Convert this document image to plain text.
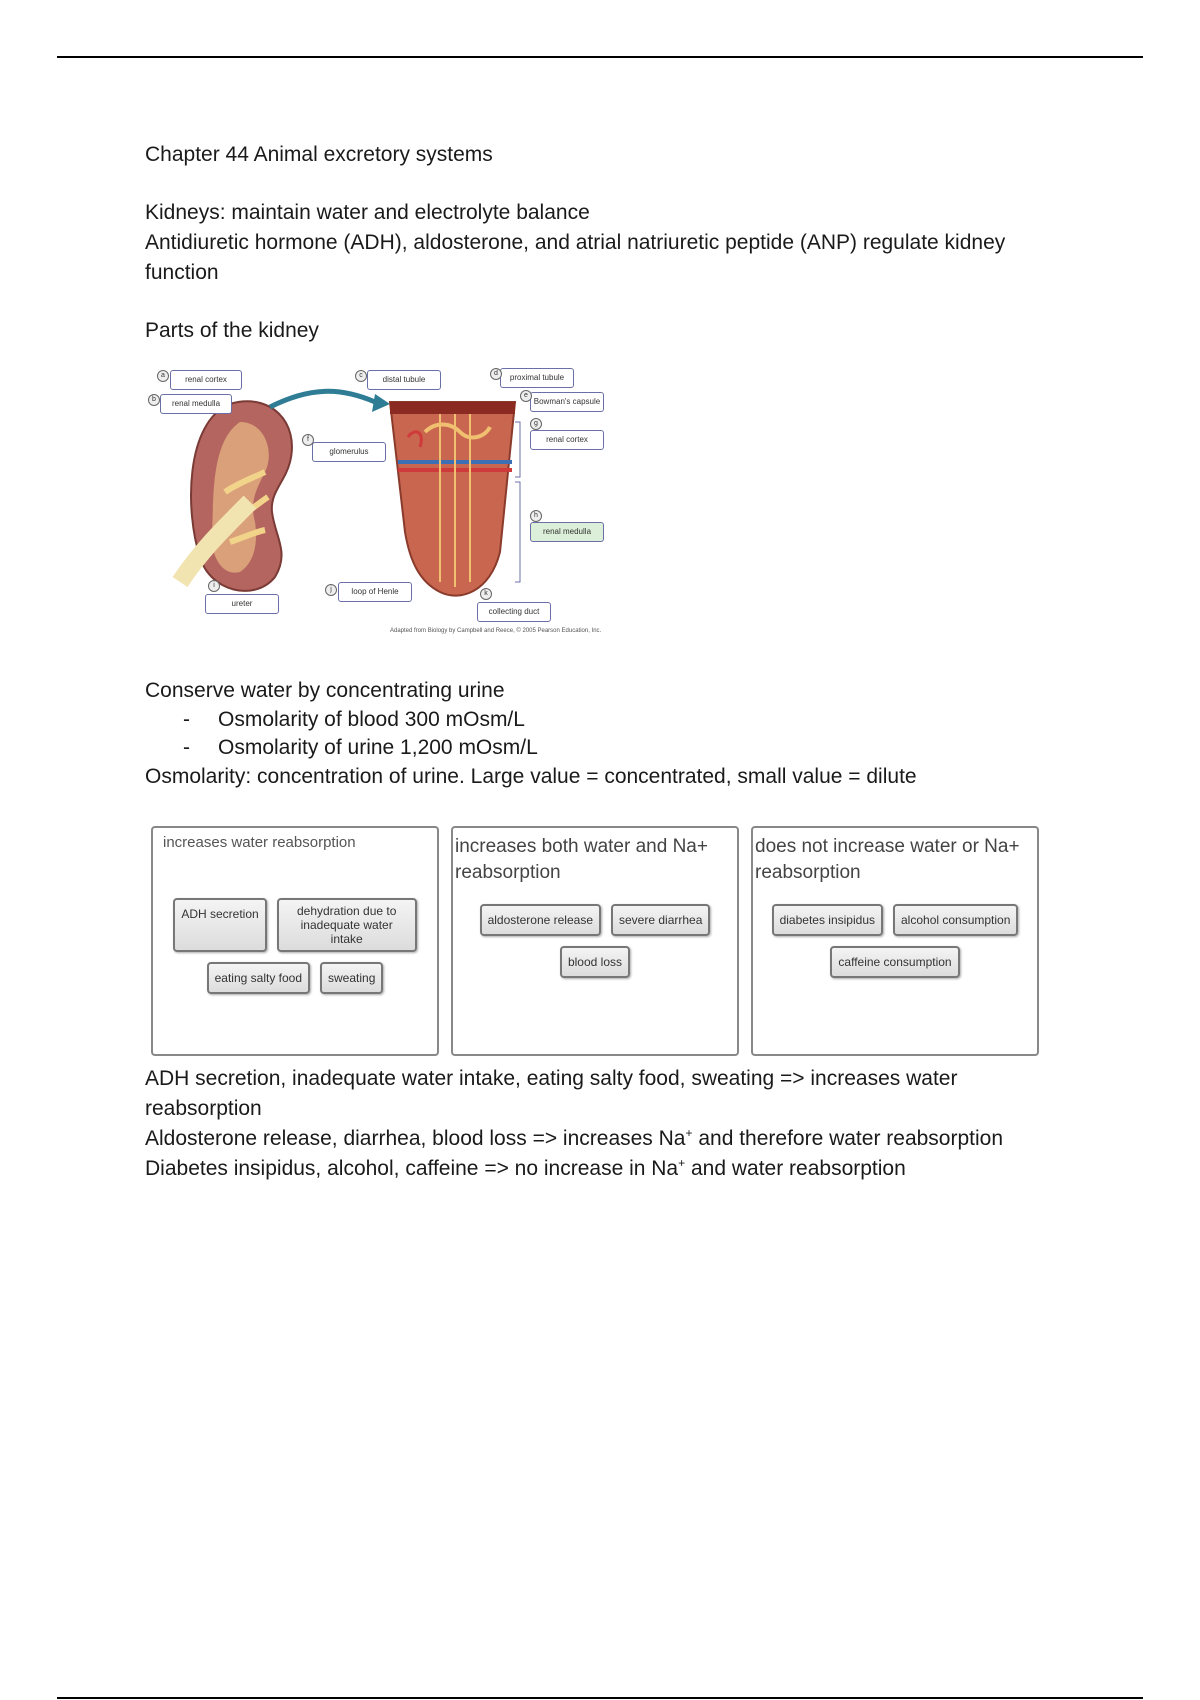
Chapter 44 Animal excretory systems

Kidneys: maintain water and electrolyte balance

Antidiuretic hormone (ADH), aldosterone, and atrial natriuretic peptide (ANP) regulate kidney function

Parts of the kidney

renal cortex
renal medulla
distal tubule	proximal tubule
Bowman's capsule
glomerulus
renal cortex
renal medulla
ureter
loop of Henle
collecting duct
a
b
c	d
e
f
g
h
i
j
k
Adapted from Biology by Campbell and Reece, © 2005 Pearson Education, Inc.

Conserve water by concentrating urine

- Osmolarity of blood 300 mOsm/L
- Osmolarity of urine 1,200 mOsm/L

Osmolarity: concentration of urine. Large value = concentrated, small value = dilute

increases water reabsorption
ADH secretion	dehydration due to inadequate water intake
eating salty food	sweating
increases both water and Na+ reabsorption
aldosterone release	severe diarrhea
blood loss
does not increase water or Na+ reabsorption
diabetes insipidus	alcohol consumption
caffeine consumption

ADH secretion, inadequate water intake, eating salty food, sweating => increases water reabsorption

Aldosterone release, diarrhea, blood loss => increases Na+ and therefore water reabsorption

Diabetes insipidus, alcohol, caffeine => no increase in Na+ and water reabsorption
